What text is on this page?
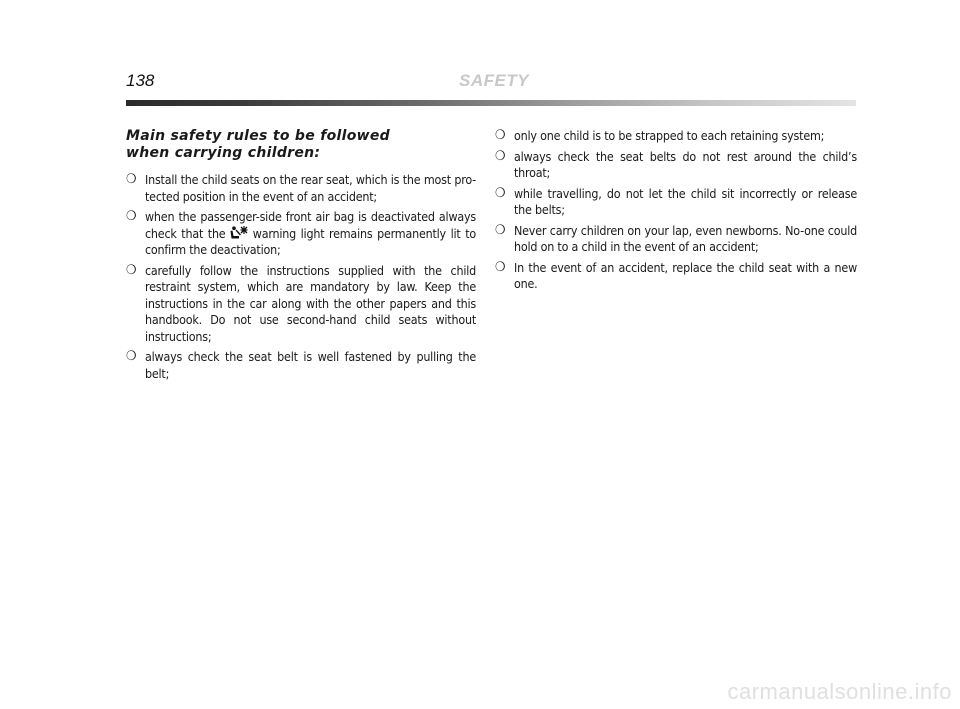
138	SAFETY
Main safety rules to be followed
when carrying children:
❍ Install the child seats on the rear seat, which is the most pro-tected position in the event of an accident;
❍ when the passenger-side front air bag is deactivated always check that the  warning light remains permanently lit to confirm the deactivation;
❍ carefully follow the instructions supplied with the child restraint system, which are mandatory by law. Keep the instructions in the car along with the other papers and this handbook. Do not use second-hand child seats without instructions;
❍ always check the seat belt is well fastened by pulling the belt;
❍ only one child is to be strapped to each retaining system;
❍ always check the seat belts do not rest around the child’s throat;
❍ while travelling, do not let the child sit incorrectly or release the belts;
❍ Never carry children on your lap, even newborns. No-one could hold on to a child in the event of an accident;
❍ In the event of an accident, replace the child seat with a new one.
carmanualsonline.info
